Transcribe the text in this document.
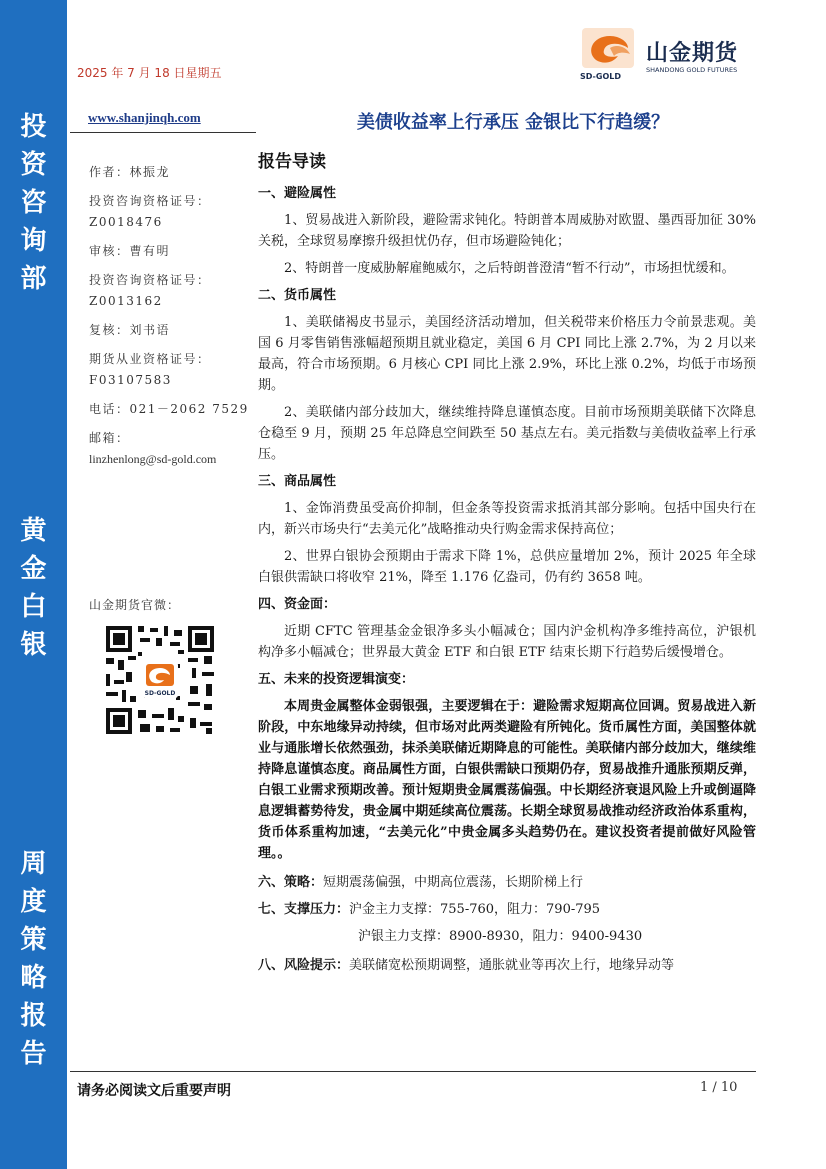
投
资
咨
询
部
黄
金
白
银
周
度
策
略
报
告
2025 年 7 月 18 日星期五	SD-GOLD
山金期货
SHANDONG GOLD FUTURES
www.shanjinqh.com	美债收益率上行承压 金银比下行趋缓？
作者：林振龙
投资咨询资格证号：
Z0018476
审核：曹有明
投资咨询资格证号：
Z0013162
复核：刘书语
期货从业资格证号：
F03107583
电话：021－2062 7529
邮箱：
linzhenlong@sd-gold.com
山金期货官微：
SD-GOLD
报告导读
一、避险属性

1、贸易战进入新阶段，避险需求钝化。特朗普本周威胁对欧盟、墨西哥加征 30%关税，全球贸易摩擦升级担忧仍存，但市场避险钝化；

2、特朗普一度威胁解雇鲍威尔，之后特朗普澄清“暂不行动”，市场担忧缓和。

二、货币属性

1、美联储褐皮书显示，美国经济活动增加，但关税带来价格压力令前景悲观。美国 6 月零售销售涨幅超预期且就业稳定，美国 6 月 CPI 同比上涨 2.7%，为 2 月以来最高，符合市场预期。6 月核心 CPI 同比上涨 2.9%，环比上涨 0.2%，均低于市场预期。

2、美联储内部分歧加大，继续维持降息谨慎态度。目前市场预期美联储下次降息仓稳至 9 月，预期 25 年总降息空间跌至 50 基点左右。美元指数与美债收益率上行承压。

三、商品属性

1、金饰消费虽受高价抑制，但金条等投资需求抵消其部分影响。包括中国央行在内，新兴市场央行“去美元化”战略推动央行购金需求保持高位；

2、世界白银协会预期由于需求下降 1%，总供应量增加 2%，预计 2025 年全球白银供需缺口将收窄 21%，降至 1.176 亿盎司，仍有约 3658 吨。

四、资金面：

近期 CFTC 管理基金金银净多头小幅减仓；国内沪金机构净多维持高位，沪银机构净多小幅减仓；世界最大黄金 ETF 和白银 ETF 结束长期下行趋势后缓慢增仓。

五、未来的投资逻辑演变：

本周贵金属整体金弱银强，主要逻辑在于：避险需求短期高位回调。贸易战进入新阶段，中东地缘异动持续，但市场对此两类避险有所钝化。货币属性方面，美国整体就业与通胀增长依然强劲，抹杀美联储近期降息的可能性。美联储内部分歧加大，继续维持降息谨慎态度。商品属性方面，白银供需缺口预期仍存，贸易战推升通胀预期反弹，白银工业需求预期改善。预计短期贵金属震荡偏强。中长期经济衰退风险上升或倒逼降息逻辑蓄势待发，贵金属中期延续高位震荡。长期全球贸易战推动经济政治体系重构，货币体系重构加速，“去美元化”中贵金属多头趋势仍在。建议投资者提前做好风险管理。。

六、策略：短期震荡偏强，中期高位震荡，长期阶梯上行
七、支撑压力：沪金主力支撑：755-760，阻力：790-795
沪银主力支撑：8900-8930，阻力：9400-9430
八、风险提示：美联储宽松预期调整，通胀就业等再次上行，地缘异动等
请务必阅读文后重要声明	1 / 10
